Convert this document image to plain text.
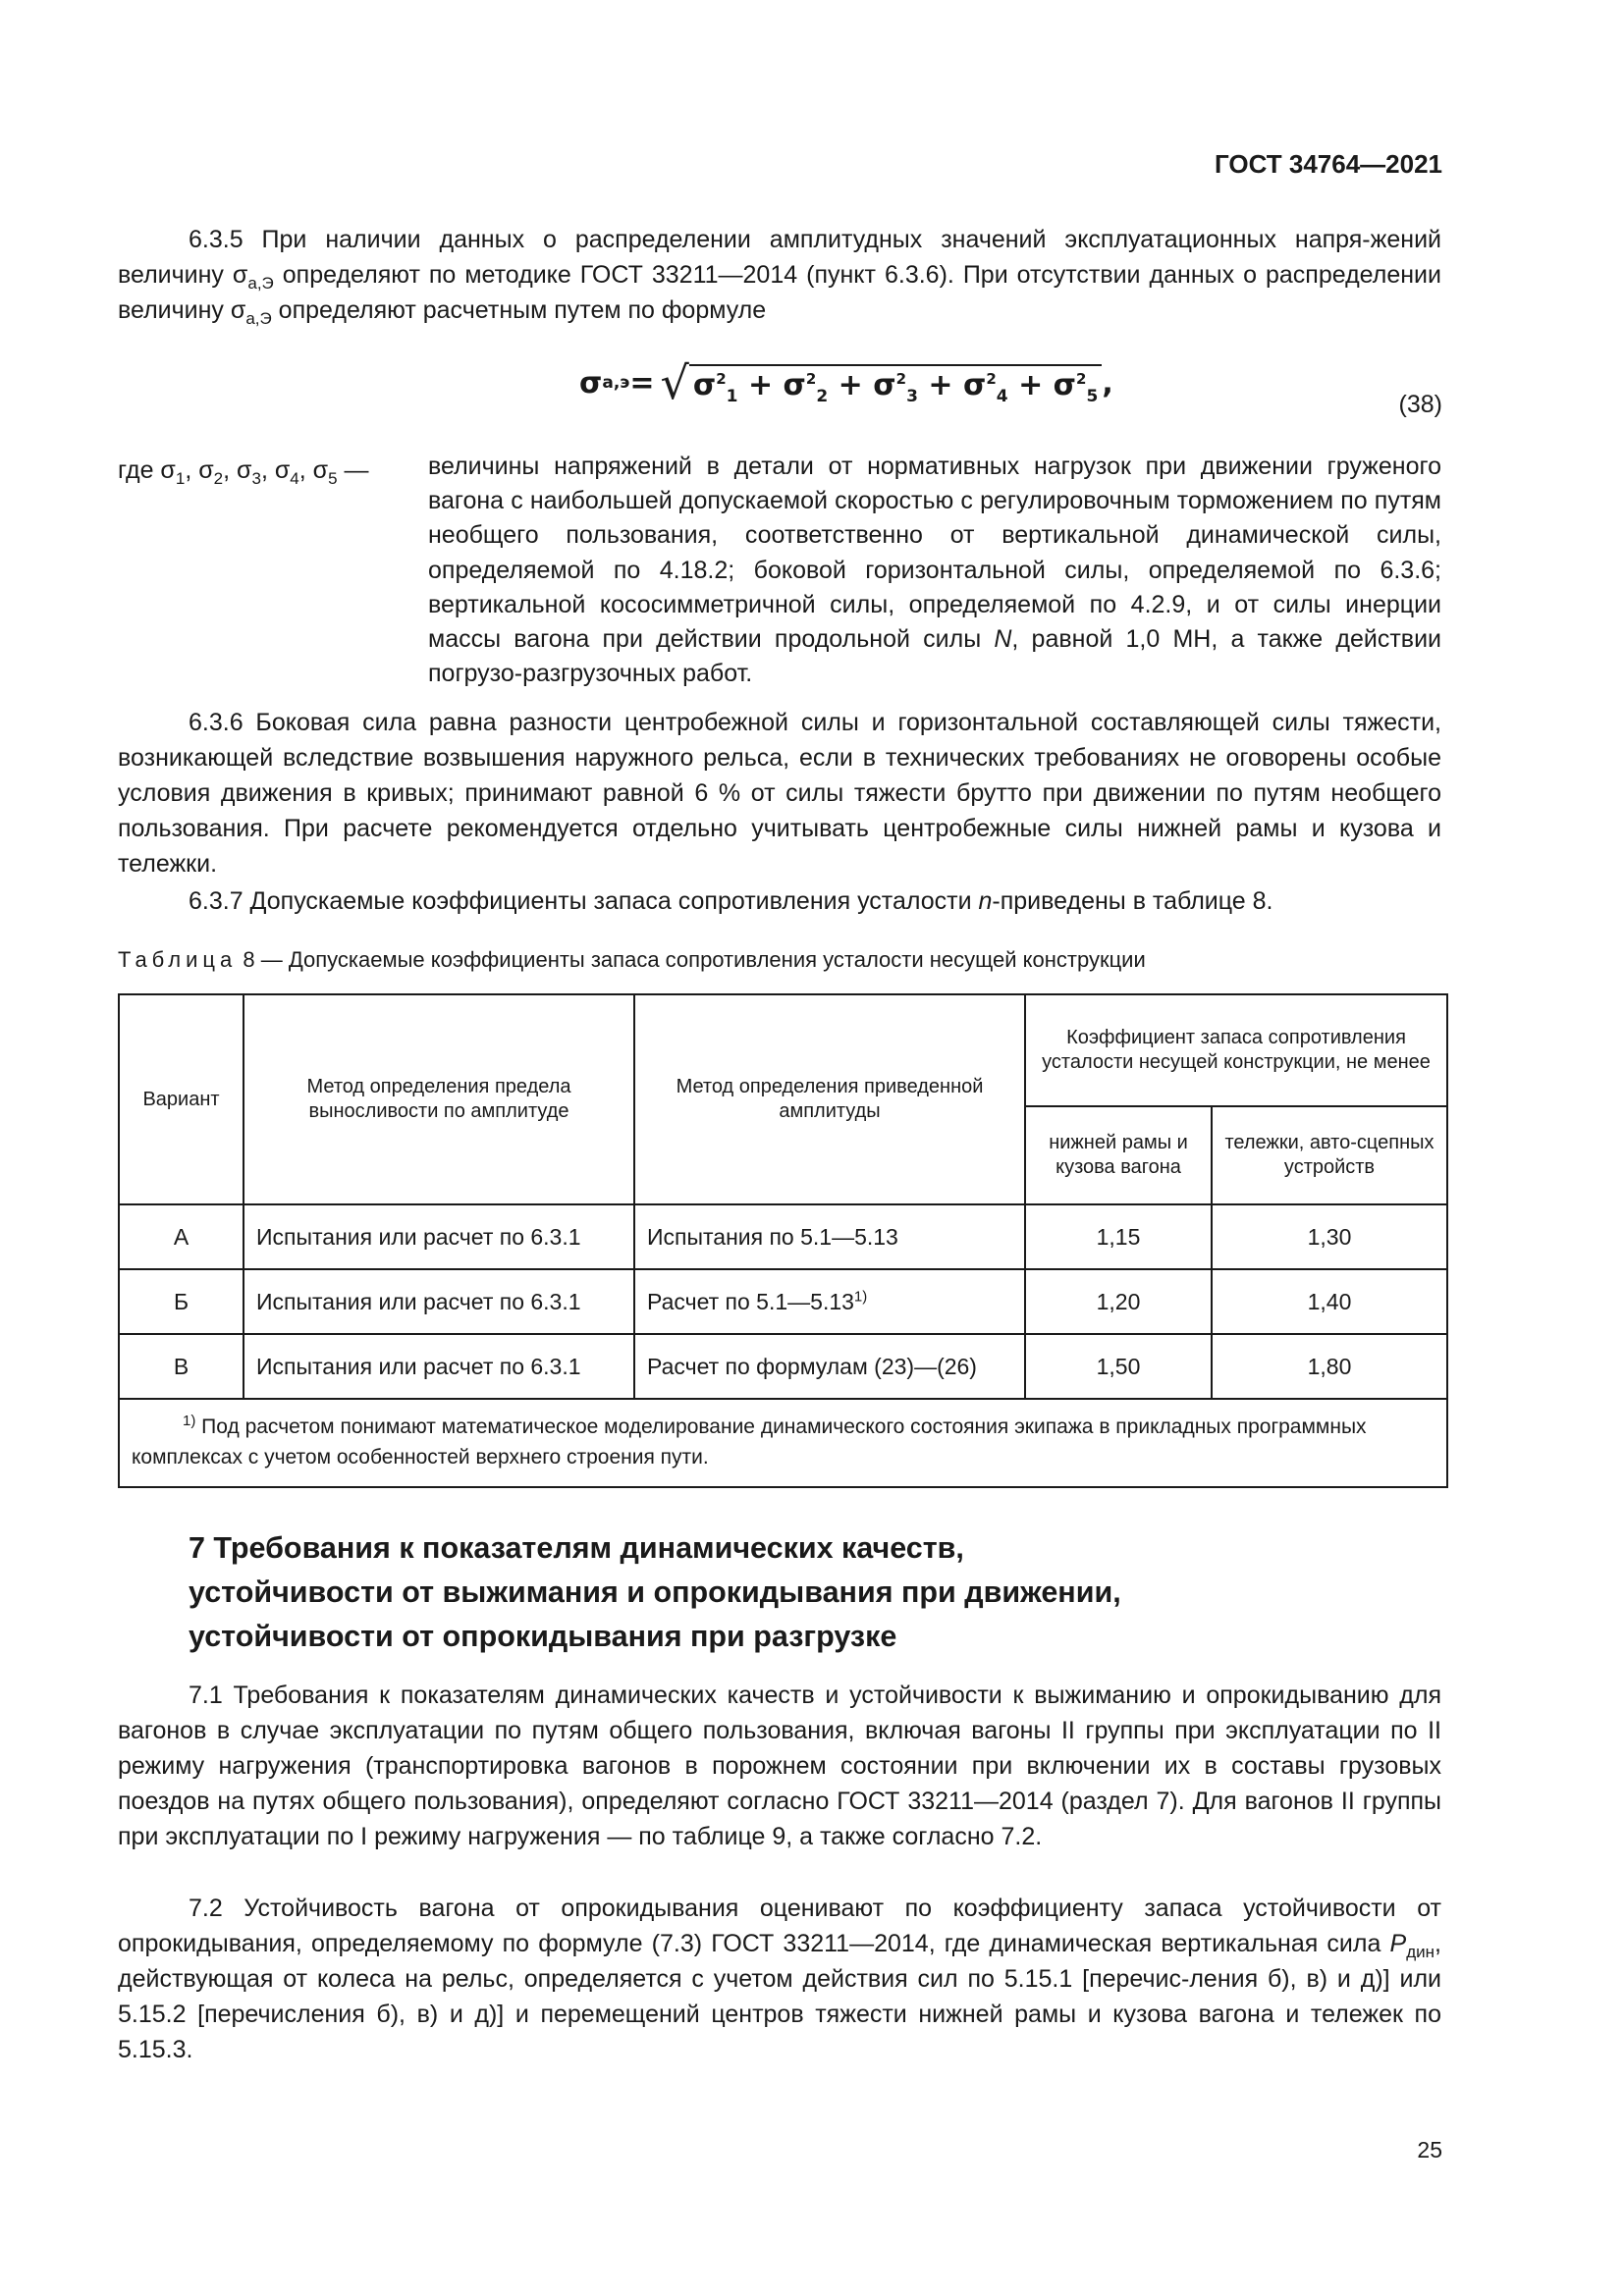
ГОСТ 34764—2021
6.3.5 При наличии данных о распределении амплитудных значений эксплуатационных напря-жений величину $\sigma_{a,Э}$ определяют по методике ГОСТ 33211—2014 (пункт 6.3.6). При отсутствии данных о распределении величину $\sigma_{a,Э}$ определяют расчетным путем по формуле
σ a,э = √ $\sigma^2_1 + \sigma^2_2 + \sigma^2_3 + \sigma^2_4 + \sigma^2_5$ ,
(38)
где $\sigma_1$, $\sigma_2$, $\sigma_3$, $\sigma_4$, $\sigma_5$ — величины напряжений в детали от нормативных нагрузок при движении груженого вагона с наибольшей допускаемой скоростью с регулировочным торможением по путям необщего пользования, соответственно от вертикальной динамической силы, определяемой по 4.18.2; боковой горизонтальной силы, определяемой по 6.3.6; вертикальной кососимметричной силы, определяемой по 4.2.9, и от силы инерции массы вагона при действии продольной силы N, равной 1,0 МН, а также действии погрузо-разгрузочных работ.
6.3.6 Боковая сила равна разности центробежной силы и горизонтальной составляющей силы тяжести, возникающей вследствие возвышения наружного рельса, если в технических требованиях не оговорены особые условия движения в кривых; принимают равной 6 % от силы тяжести брутто при движении по путям необщего пользования. При расчете рекомендуется отдельно учитывать центробежные силы нижней рамы и кузова и тележки.
6.3.7 Допускаемые коэффициенты запаса сопротивления усталости n-приведены в таблице 8.
Таблица 8 — Допускаемые коэффициенты запаса сопротивления усталости несущей конструкции
Вариант	Метод определения предела выносливости по амплитуде	Метод определения приведенной амплитуды	Коэффициент запаса сопротивления усталости несущей конструкции, не менее	
			нижней рамы и кузова вагона	тележки, авто-сцепных устройств
А	Испытания или расчет по 6.3.1	Испытания по 5.1—5.13	1,15	1,30
Б	Испытания или расчет по 6.3.1	Расчет по 5.1—5.13$^{1)}$	1,20	1,40
В	Испытания или расчет по 6.3.1	Расчет по формулам (23)—(26)	1,50	1,80

$^{1)}$ Под расчетом понимают математическое моделирование динамического состояния экипажа в прикладных программных комплексах с учетом особенностей верхнего строения пути.				
7 Требования к показателям динамических качеств,
устойчивости от выжимания и опрокидывания при движении,
устойчивости от опрокидывания при разгрузке
7.1 Требования к показателям динамических качеств и устойчивости к выжиманию и опрокидыванию для вагонов в случае эксплуатации по путям общего пользования, включая вагоны II группы при эксплуатации по II режиму нагружения (транспортировка вагонов в порожнем состоянии при включении их в составы грузовых поездов на путях общего пользования), определяют согласно ГОСТ 33211—2014 (раздел 7). Для вагонов II группы при эксплуатации по I режиму нагружения — по таблице 9, а также согласно 7.2.
7.2 Устойчивость вагона от опрокидывания оценивают по коэффициенту запаса устойчивости от опрокидывания, определяемому по формуле (7.3) ГОСТ 33211—2014, где динамическая вертикальная сила $P_{дин}$, действующая от колеса на рельс, определяется с учетом действия сил по 5.15.1 [перечис-ления б), в) и д)] или 5.15.2 [перечисления б), в) и д)] и перемещений центров тяжести нижней рамы и кузова вагона и тележек по 5.15.3.
25
